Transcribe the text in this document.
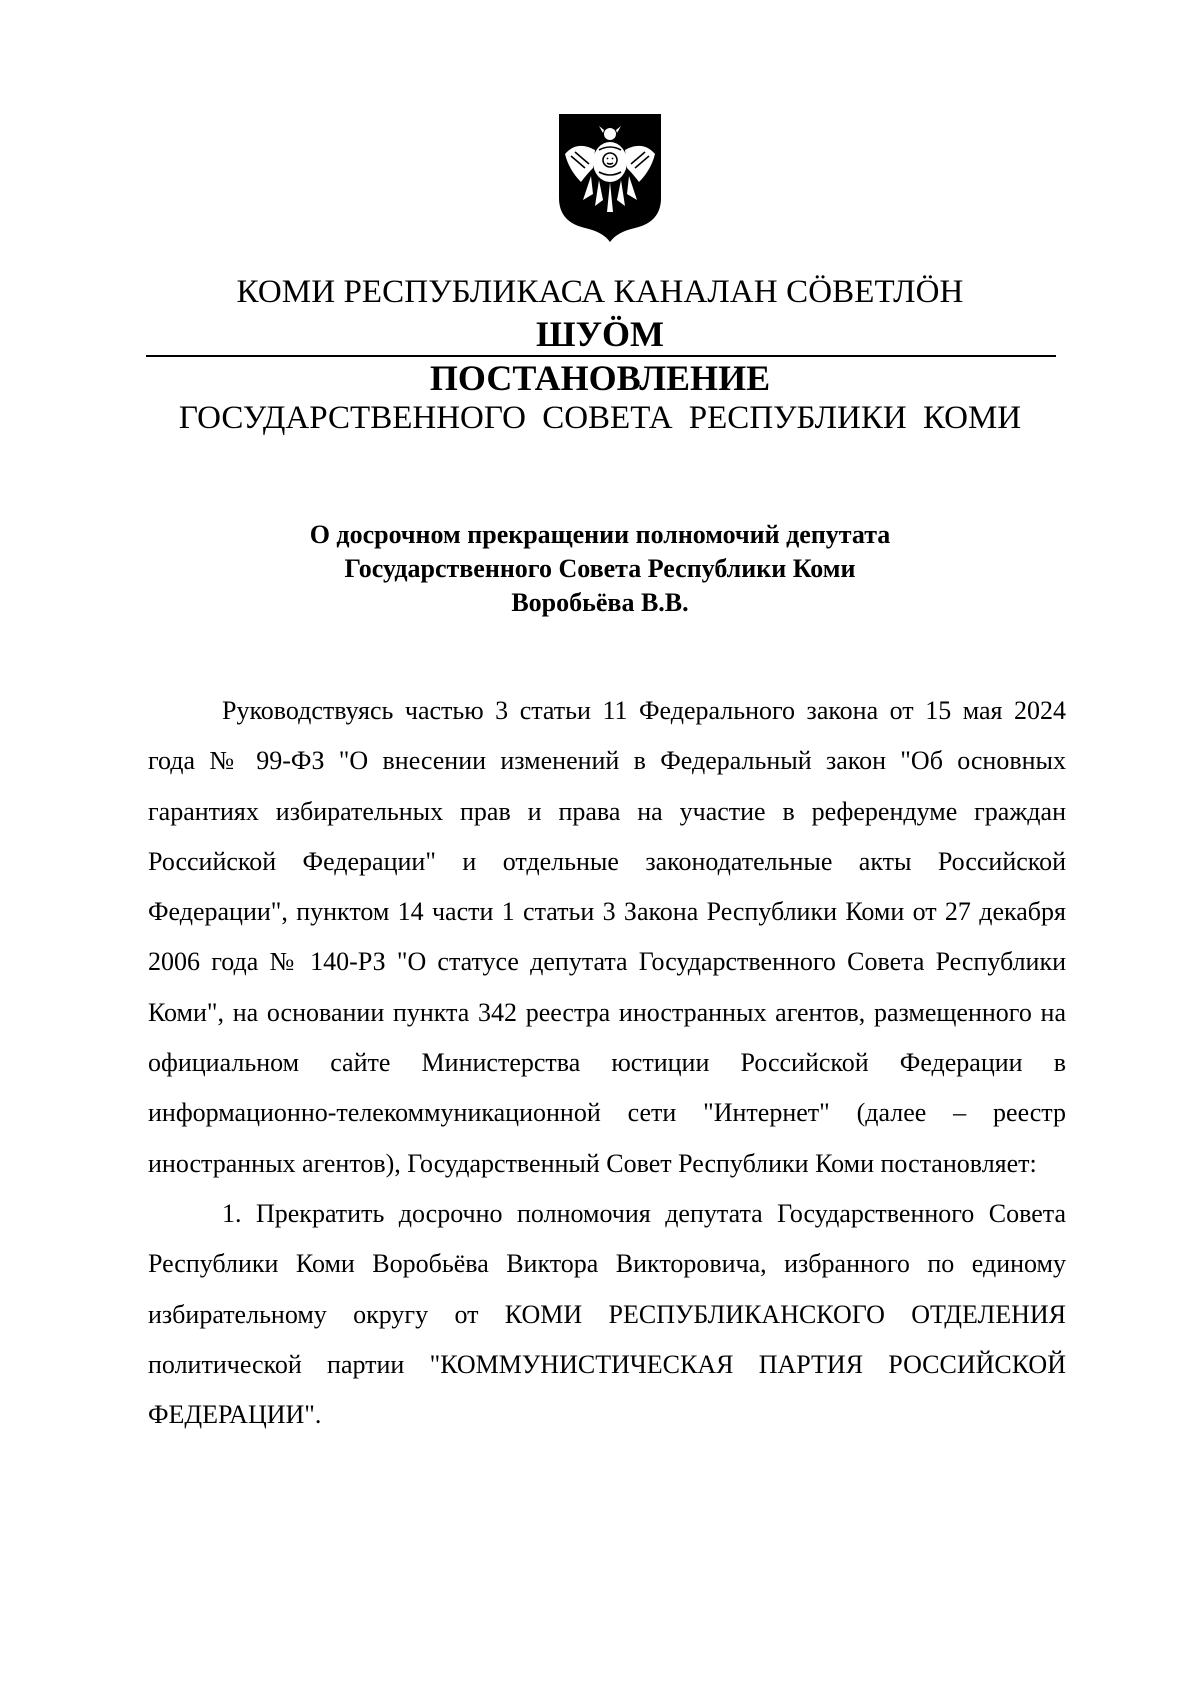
КОМИ РЕСПУБЛИКАСА КАНАЛАН СÖВЕТЛÖН
ШУÖМ
ПОСТАНОВЛЕНИЕ
ГОСУДАРСТВЕННОГО СОВЕТА РЕСПУБЛИКИ КОМИ
О досрочном прекращении полномочий депутата
Государственного Совета Республики Коми
Воробьёва В.В.

Руководствуясь частью 3 статьи 11 Федерального закона от 15 мая 2024 года № 99-ФЗ "О внесении изменений в Федеральный закон "Об основных гарантиях избирательных прав и права на участие в референдуме граждан Российской Федерации" и отдельные законодательные акты Российской Федерации", пунктом 14 части 1 статьи 3 Закона Республики Коми от 27 декабря 2006 года № 140-РЗ "О статусе депутата Государственного Совета Республики Коми", на основании пункта 342 реестра иностранных агентов, размещенного на официальном сайте Министерства юстиции Российской Федерации в информационно-телекоммуникационной сети "Интернет" (далее – реестр иностранных агентов), Государственный Совет Республики Коми постановляет:

1. Прекратить досрочно полномочия депутата Государственного Совета Республики Коми Воробьёва Виктора Викторовича, избранного по единому избирательному округу от КОМИ РЕСПУБЛИКАНСКОГО ОТДЕЛЕНИЯ политической партии "КОММУНИСТИЧЕСКАЯ ПАРТИЯ РОССИЙСКОЙ ФЕДЕРАЦИИ".
